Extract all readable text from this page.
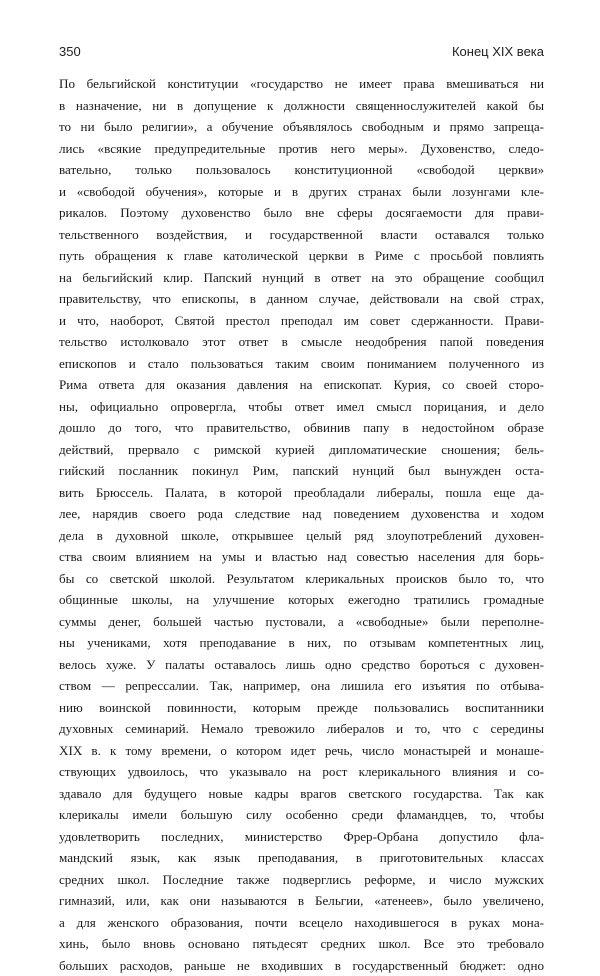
350	Конец XIX века
По бельгийской конституции «государство не имеет права вмешиваться ни
в назначение, ни в допущение к должности священнослужителей какой бы
то ни было религии», а обучение объявлялось свободным и прямо запреща-
лись «всякие предупредительные против него меры». Духовенство, следо-
вательно, только пользовалось конституционной «свободой церкви»
и «свободой обучения», которые и в других странах были лозунгами кле-
рикалов. Поэтому духовенство было вне сферы досягаемости для прави-
тельственного воздействия, и государственной власти оставался только
путь обращения к главе католической церкви в Риме с просьбой повлиять
на бельгийский клир. Папский нунций в ответ на это обращение сообщил
правительству, что епископы, в данном случае, действовали на свой страх,
и что, наоборот, Святой престол преподал им совет сдержанности. Прави-
тельство истолковало этот ответ в смысле неодобрения папой поведения
епископов и стало пользоваться таким своим пониманием полученного из
Рима ответа для оказания давления на епископат. Курия, со своей сторо-
ны, официально опровергла, чтобы ответ имел смысл порицания, и дело
дошло до того, что правительство, обвинив папу в недостойном образе
действий, прервало с римской курией дипломатические сношения; бель-
гийский посланник покинул Рим, папский нунций был вынужден оста-
вить Брюссель. Палата, в которой преобладали либералы, пошла еще да-
лее, нарядив своего рода следствие над поведением духовенства и ходом
дела в духовной школе, открывшее целый ряд злоупотреблений духовен-
ства своим влиянием на умы и властью над совестью населения для борь-
бы со светской школой. Результатом клерикальных происков было то, что
общинные школы, на улучшение которых ежегодно тратились громадные
суммы денег, большей частью пустовали, а «свободные» были переполне-
ны учениками, хотя преподавание в них, по отзывам компетентных лиц,
велось хуже. У палаты оставалось лишь одно средство бороться с духовен-
ством — репрессалии. Так, например, она лишила его изъятия по отбыва-
нию воинской повинности, которым прежде пользовались воспитанники
духовных семинарий. Немало тревожило либералов и то, что с середины
XIX в. к тому времени, о котором идет речь, число монастырей и монаше-
ствующих удвоилось, что указывало на рост клерикального влияния и со-
здавало для будущего новые кадры врагов светского государства. Так как
клерикалы имели большую силу особенно среди фламандцев, то, чтобы
удовлетворить последних, министерство Фрер-Орбана допустило фла-
мандский язык, как язык преподавания, в приготовительных классах
средних школ. Последние также подверглись реформе, и число мужских
гимназий, или, как они называются в Бельгии, «атенеев», было увеличено,
а для женского образования, почти всецело находившегося в руках мона-
хинь, было вновь основано пятьдесят средних школ. Все это требовало
больших расходов, раньше не входивших в государственный бюджет: одно
